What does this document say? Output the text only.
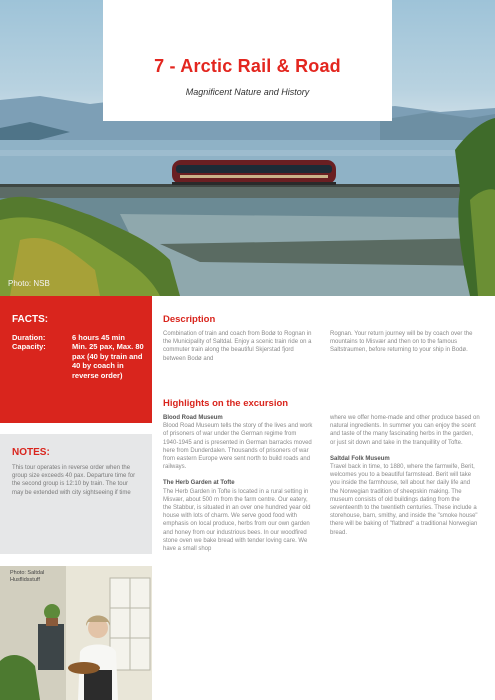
Photo: NSB
7 - Arctic Rail & Road
Magnificent Nature and History
FACTS:
Duration:	6 hours 45 min
Capacity:	Min. 25 pax, Max. 80 pax (40 by train and 40 by coach in reverse order)
NOTES:

This tour operates in reverse order when the group size exceeds 40 pax. Departure time for the second group is 12:10 by train. The tour may be extended with city sightseeing if time

Photo: Saltdal
Husflidsstuff
Description
Combination of train and coach from Bodø to Rognan in the Municipality of Saltdal. Enjoy a scenic train ride on a commuter train along the beautiful Skjerstad fjord between Bodø and
Rognan. Your return journey will be by coach over the mountains to Misvær and then on to the famous Saltstraumen, before returning to your ship in Bodø.
Highlights on the excursion
Blood Road Museum
Blood Road Museum tells the story of the lives and work of prisoners of war under the German regime from 1940-1945 and is presented in German barracks moved here from Dunderdalen. Thousands of prisoners of war from eastern Europe were sent north to build roads and railways.
The Herb Garden at Tofte
The Herb Garden in Tofte is located in a rural setting in Misvær, about 500 m from the farm centre. Our eatery, the Stabbur, is situated in an over one hundred year old house with lots of charm. We serve good food with emphasis on local produce, herbs from our own garden and honey from our industrious bees. In our woodfired stone oven we bake bread with tender loving care. We have a small shop
where we offer home-made and other produce based on natural ingredients. In summer you can enjoy the scent and taste of the many fascinating herbs in the garden, or just sit down and take in the tranquillity of Tofte.
Saltdal Folk Museum
Travel back in time, to 1880, where the farmwife, Berit, welcomes you to a beautiful farmstead. Berit will take you inside the farmhouse, tell about her daily life and the Norwegian tradition of sheepskin making. The museum consists of old buildings dating from the seventeenth to the twentieth centuries. These include a storehouse, barn, smithy, and inside the "smoke house" there will be baking of "flatbrød" a traditional Norwegian bread.
